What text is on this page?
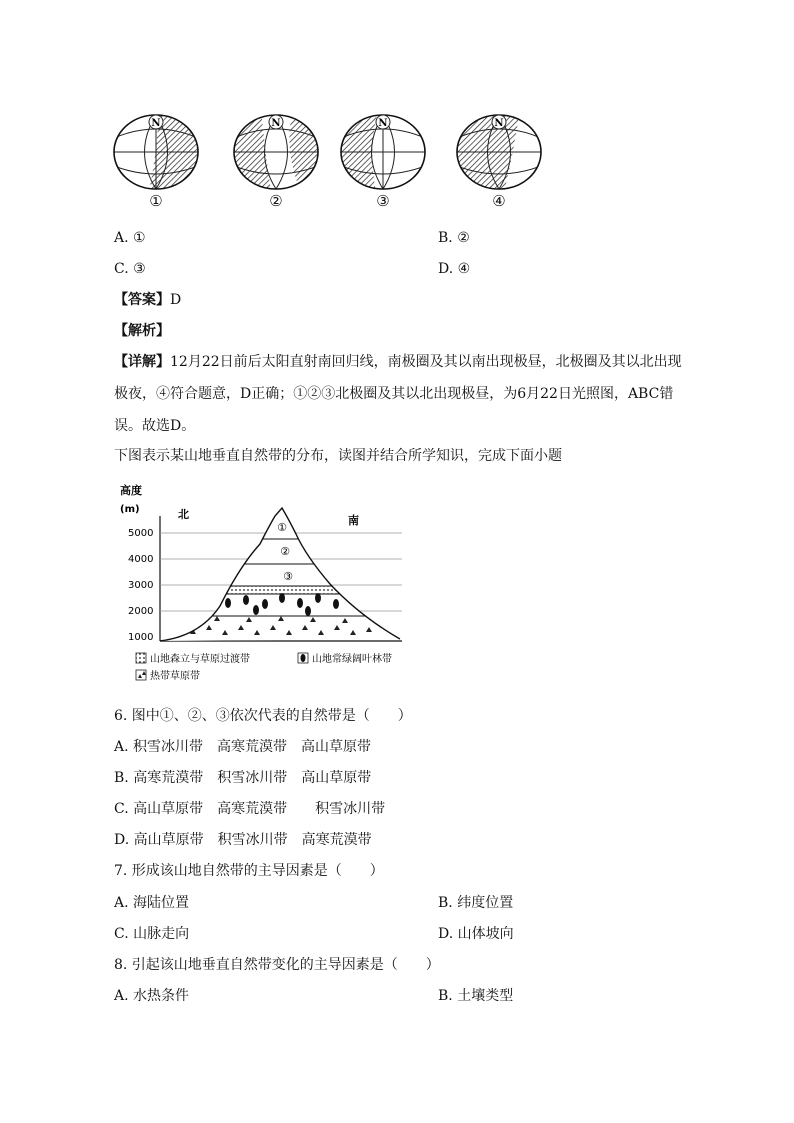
N
①
N
②
N
③
N
④
A. ①	B. ②
C. ③	D. ④
【答案】D
【解析】
【详解】12月22日前后太阳直射南回归线，南极圈及其以南出现极昼，北极圈及其以北出现极夜，④符合题意，D正确；①②③北极圈及其以北出现极昼，为6月22日光照图，ABC错误。故选D。
下图表示某山地垂直自然带的分布，读图并结合所学知识，完成下面小题
高度
(m)
5000
4000
3000
2000
1000
北	南
①
②
③
山地森立与草原过渡带	山地常绿阔叶林带
热带草原带
6. 图中①、②、③依次代表的自然带是（　　）
A. 积雪冰川带　高寒荒漠带　高山草原带
B. 高寒荒漠带　积雪冰川带　高山草原带
C. 高山草原带　高寒荒漠带　　积雪冰川带
D. 高山草原带　积雪冰川带　高寒荒漠带
7. 形成该山地自然带的主导因素是（　　）
A. 海陆位置	B. 纬度位置
C. 山脉走向	D. 山体坡向
8. 引起该山地垂直自然带变化的主导因素是（　　）
A. 水热条件	B. 土壤类型
